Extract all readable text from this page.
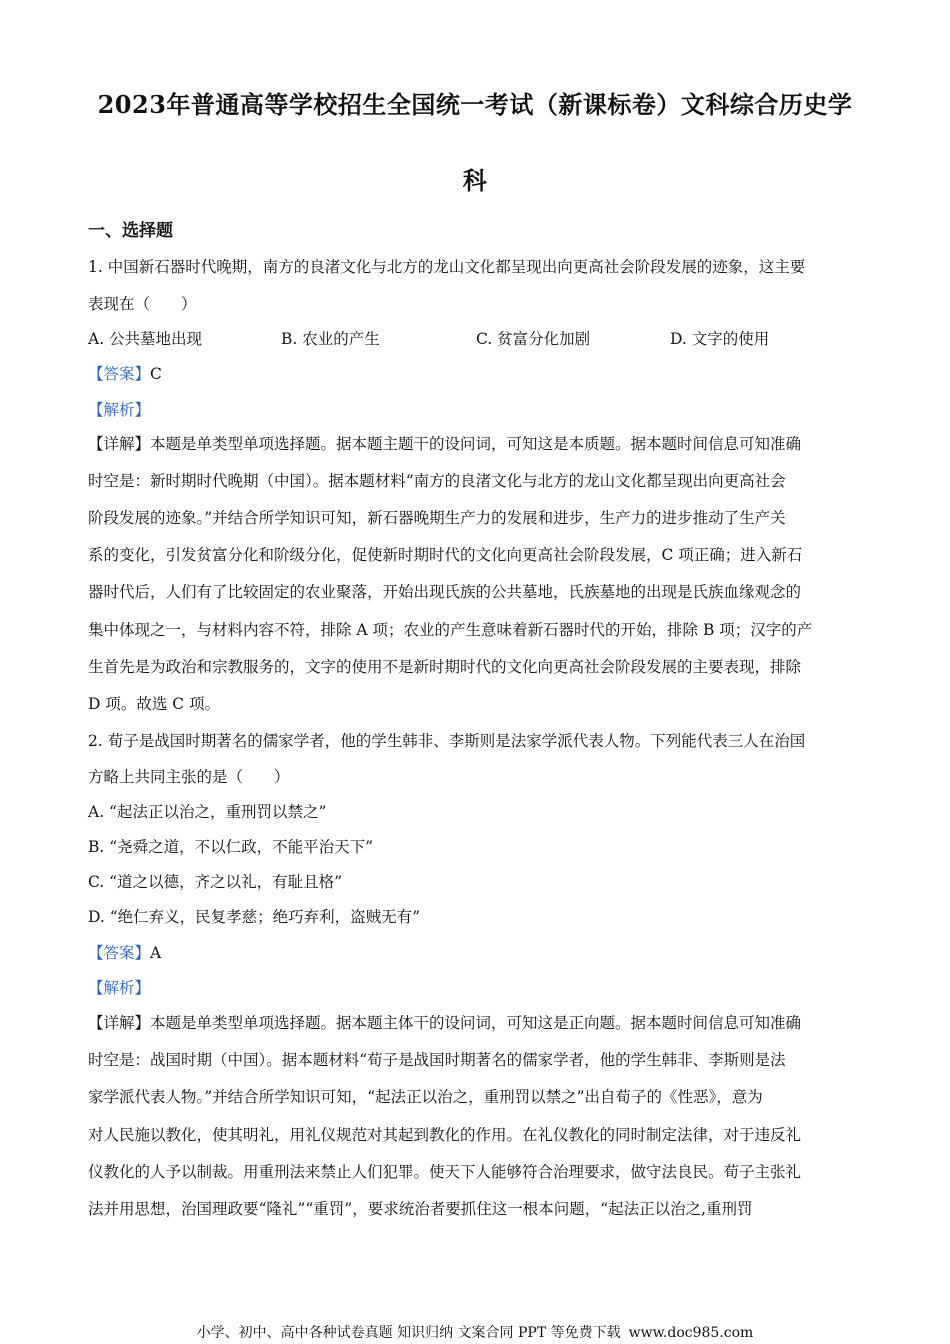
2023年普通高等学校招生全国统一考试（新课标卷）文科综合历史学
科
一、选择题
1. 中国新石器时代晚期，南方的良渚文化与北方的龙山文化都呈现出向更高社会阶段发展的迹象，这主要
表现在（　　）
A. 公共墓地出现	B. 农业的产生	C. 贫富分化加剧	D. 文字的使用
【答案】C
【解析】
【详解】本题是单类型单项选择题。据本题主题干的设问词，可知这是本质题。据本题时间信息可知准确
时空是：新时期时代晚期（中国）。据本题材料“南方的良渚文化与北方的龙山文化都呈现出向更高社会
阶段发展的迹象。”并结合所学知识可知，新石器晚期生产力的发展和进步，生产力的进步推动了生产关
系的变化，引发贫富分化和阶级分化，促使新时期时代的文化向更高社会阶段发展，C 项正确；进入新石
器时代后，人们有了比较固定的农业聚落，开始出现氏族的公共墓地，氏族墓地的出现是氏族血缘观念的
集中体现之一，与材料内容不符，排除 A 项；农业的产生意味着新石器时代的开始，排除 B 项；汉字的产
生首先是为政治和宗教服务的，文字的使用不是新时期时代的文化向更高社会阶段发展的主要表现，排除
D 项。故选 C 项。
2. 荀子是战国时期著名的儒家学者，他的学生韩非、李斯则是法家学派代表人物。下列能代表三人在治国
方略上共同主张的是（　　）
A. “起法正以治之，重刑罚以禁之”
B. “尧舜之道，不以仁政，不能平治天下”
C. “道之以德，齐之以礼，有耻且格”
D. “绝仁弃义，民复孝慈；绝巧弃利，盗贼无有”
【答案】A
【解析】
【详解】本题是单类型单项选择题。据本题主体干的设问词，可知这是正向题。据本题时间信息可知准确
时空是：战国时期（中国）。据本题材料“荀子是战国时期著名的儒家学者，他的学生韩非、李斯则是法
家学派代表人物。”并结合所学知识可知，“起法正以治之，重刑罚以禁之”出自荀子的《性恶》，意为
对人民施以教化，使其明礼，用礼仪规范对其起到教化的作用。在礼仪教化的同时制定法律，对于违反礼
仪教化的人予以制裁。用重刑法来禁止人们犯罪。使天下人能够符合治理要求，做守法良民。荀子主张礼
法并用思想，治国理政要“隆礼”“重罚”，要求统治者要抓住这一根本问题，“起法正以治之,重刑罚
小学、初中、高中各种试卷真题 知识归纳 文案合同 PPT 等免费下载 www.doc985.com
